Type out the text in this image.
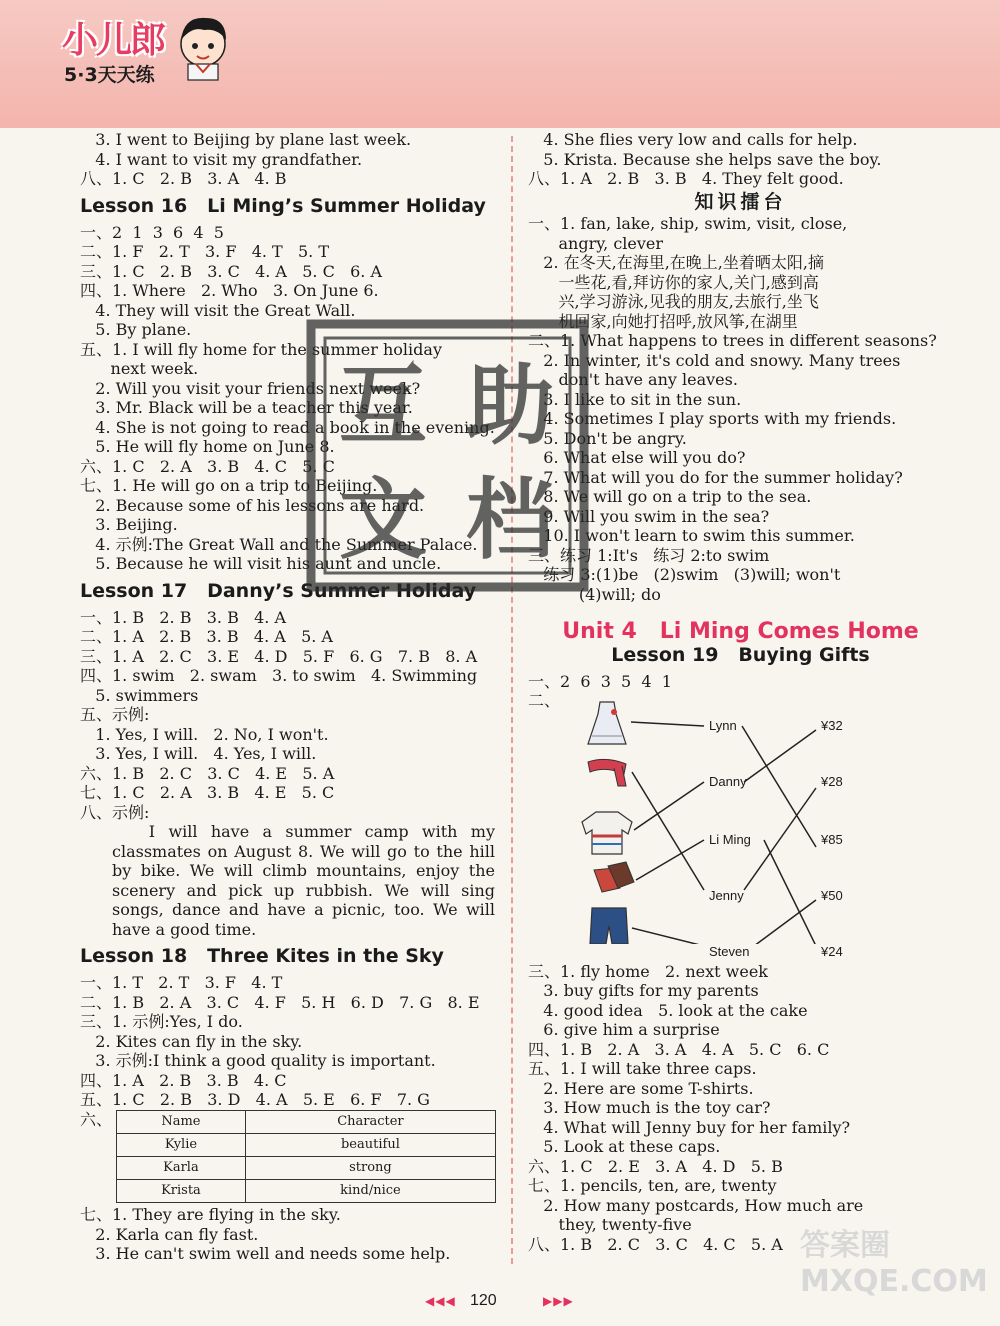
小儿郎
5·3天天练
3. I went to Beijing by plane last week.
4. I want to visit my grandfather.
八、1. C   2. B   3. A   4. B
Lesson 16   Li Ming’s Summer Holiday
一、2  1  3  6  4  5
二、1. F   2. T   3. F   4. T   5. T
三、1. C   2. B   3. C   4. A   5. C   6. A
四、1. Where   2. Who   3. On June 6.
4. They will visit the Great Wall.
5. By plane.
五、1. I will fly home for the summer holiday
next week.
2. Will you visit your friends next week?
3. Mr. Black will be a teacher this year.
4. She is not going to read a book in the evening.
5. He will fly home on June 8.
六、1. C   2. A   3. B   4. C   5. C
七、1. He will go on a trip to Beijing.
2. Because some of his lessons are hard.
3. Beijing.
4. 示例:The Great Wall and the Summer Palace.
5. Because he will visit his aunt and uncle.
Lesson 17   Danny’s Summer Holiday
一、1. B   2. B   3. B   4. A
二、1. A   2. B   3. B   4. A   5. A
三、1. A   2. C   3. E   4. D   5. F   6. G   7. B   8. A
四、1. swim   2. swam   3. to swim   4. Swimming
5. swimmers
五、示例:
1. Yes, I will.   2. No, I won't.
3. Yes, I will.   4. Yes, I will.
六、1. B   2. C   3. C   4. E   5. A
七、1. C   2. A   3. B   4. E   5. C
八、示例:
I will have a summer camp with my classmates on August 8. We will go to the hill by bike. We will climb mountains, enjoy the scenery and pick up rubbish. We will sing songs, dance and have a picnic, too. We will have a good time.
Lesson 18   Three Kites in the Sky
一、1. T   2. T   3. F   4. T
二、1. B   2. A   3. C   4. F   5. H   6. D   7. G   8. E
三、1. 示例:Yes, I do.
2. Kites can fly in the sky.
3. 示例:I think a good quality is important.
四、1. A   2. B   3. B   4. C
五、1. C   2. B   3. D   4. A   5. E   6. F   7. G
六、	Name	Character
Kylie	beautiful
Karla	strong
Krista	kind/nice
七、1. They are flying in the sky.
2. Karla can fly fast.
3. He can't swim well and needs some help.
4. She flies very low and calls for help.
5. Krista. Because she helps save the boy.
八、1. A   2. B   3. B   4. They felt good.
知识擂台
一、1. fan, lake, ship, swim, visit, close,
angry, clever
2. 在冬天,在海里,在晚上,坐着晒太阳,摘
一些花,看,拜访你的家人,关门,感到高
兴,学习游泳,见我的朋友,去旅行,坐飞
机回家,向她打招呼,放风筝,在湖里
二、1. What happens to trees in different seasons?
2. In winter, it's cold and snowy. Many trees
don't have any leaves.
3. I like to sit in the sun.
4. Sometimes I play sports with my friends.
5. Don't be angry.
6. What else will you do?
7. What will you do for the summer holiday?
8. We will go on a trip to the sea.
9. Will you swim in the sea?
10. I won't learn to swim this summer.
三、练习 1:It's   练习 2:to swim
练习 3:(1)be   (2)swim   (3)will; won't
(4)will; do
Unit 4   Li Ming Comes Home
Lesson 19   Buying Gifts
一、2  6  3  5  4  1
二、
Lynn
Danny
Li Ming
Jenny
Steven
¥32
¥28
¥85
¥50
¥24
三、1. fly home   2. next week
3. buy gifts for my parents
4. good idea   5. look at the cake
6. give him a surprise
四、1. B   2. A   3. A   4. A   5. C   6. C
五、1. I will take three caps.
2. Here are some T-shirts.
3. How much is the toy car?
4. What will Jenny buy for her family?
5. Look at these caps.
六、1. C   2. E   3. A   4. D   5. B
七、1. pencils, ten, are, twenty
2. How many postcards, How much are
they, twenty-five
八、1. B   2. C   3. C   4. C   5. A
互 助
文 档
◀◀◀ 120	▶▶▶
答案圈 MXQE.COM
